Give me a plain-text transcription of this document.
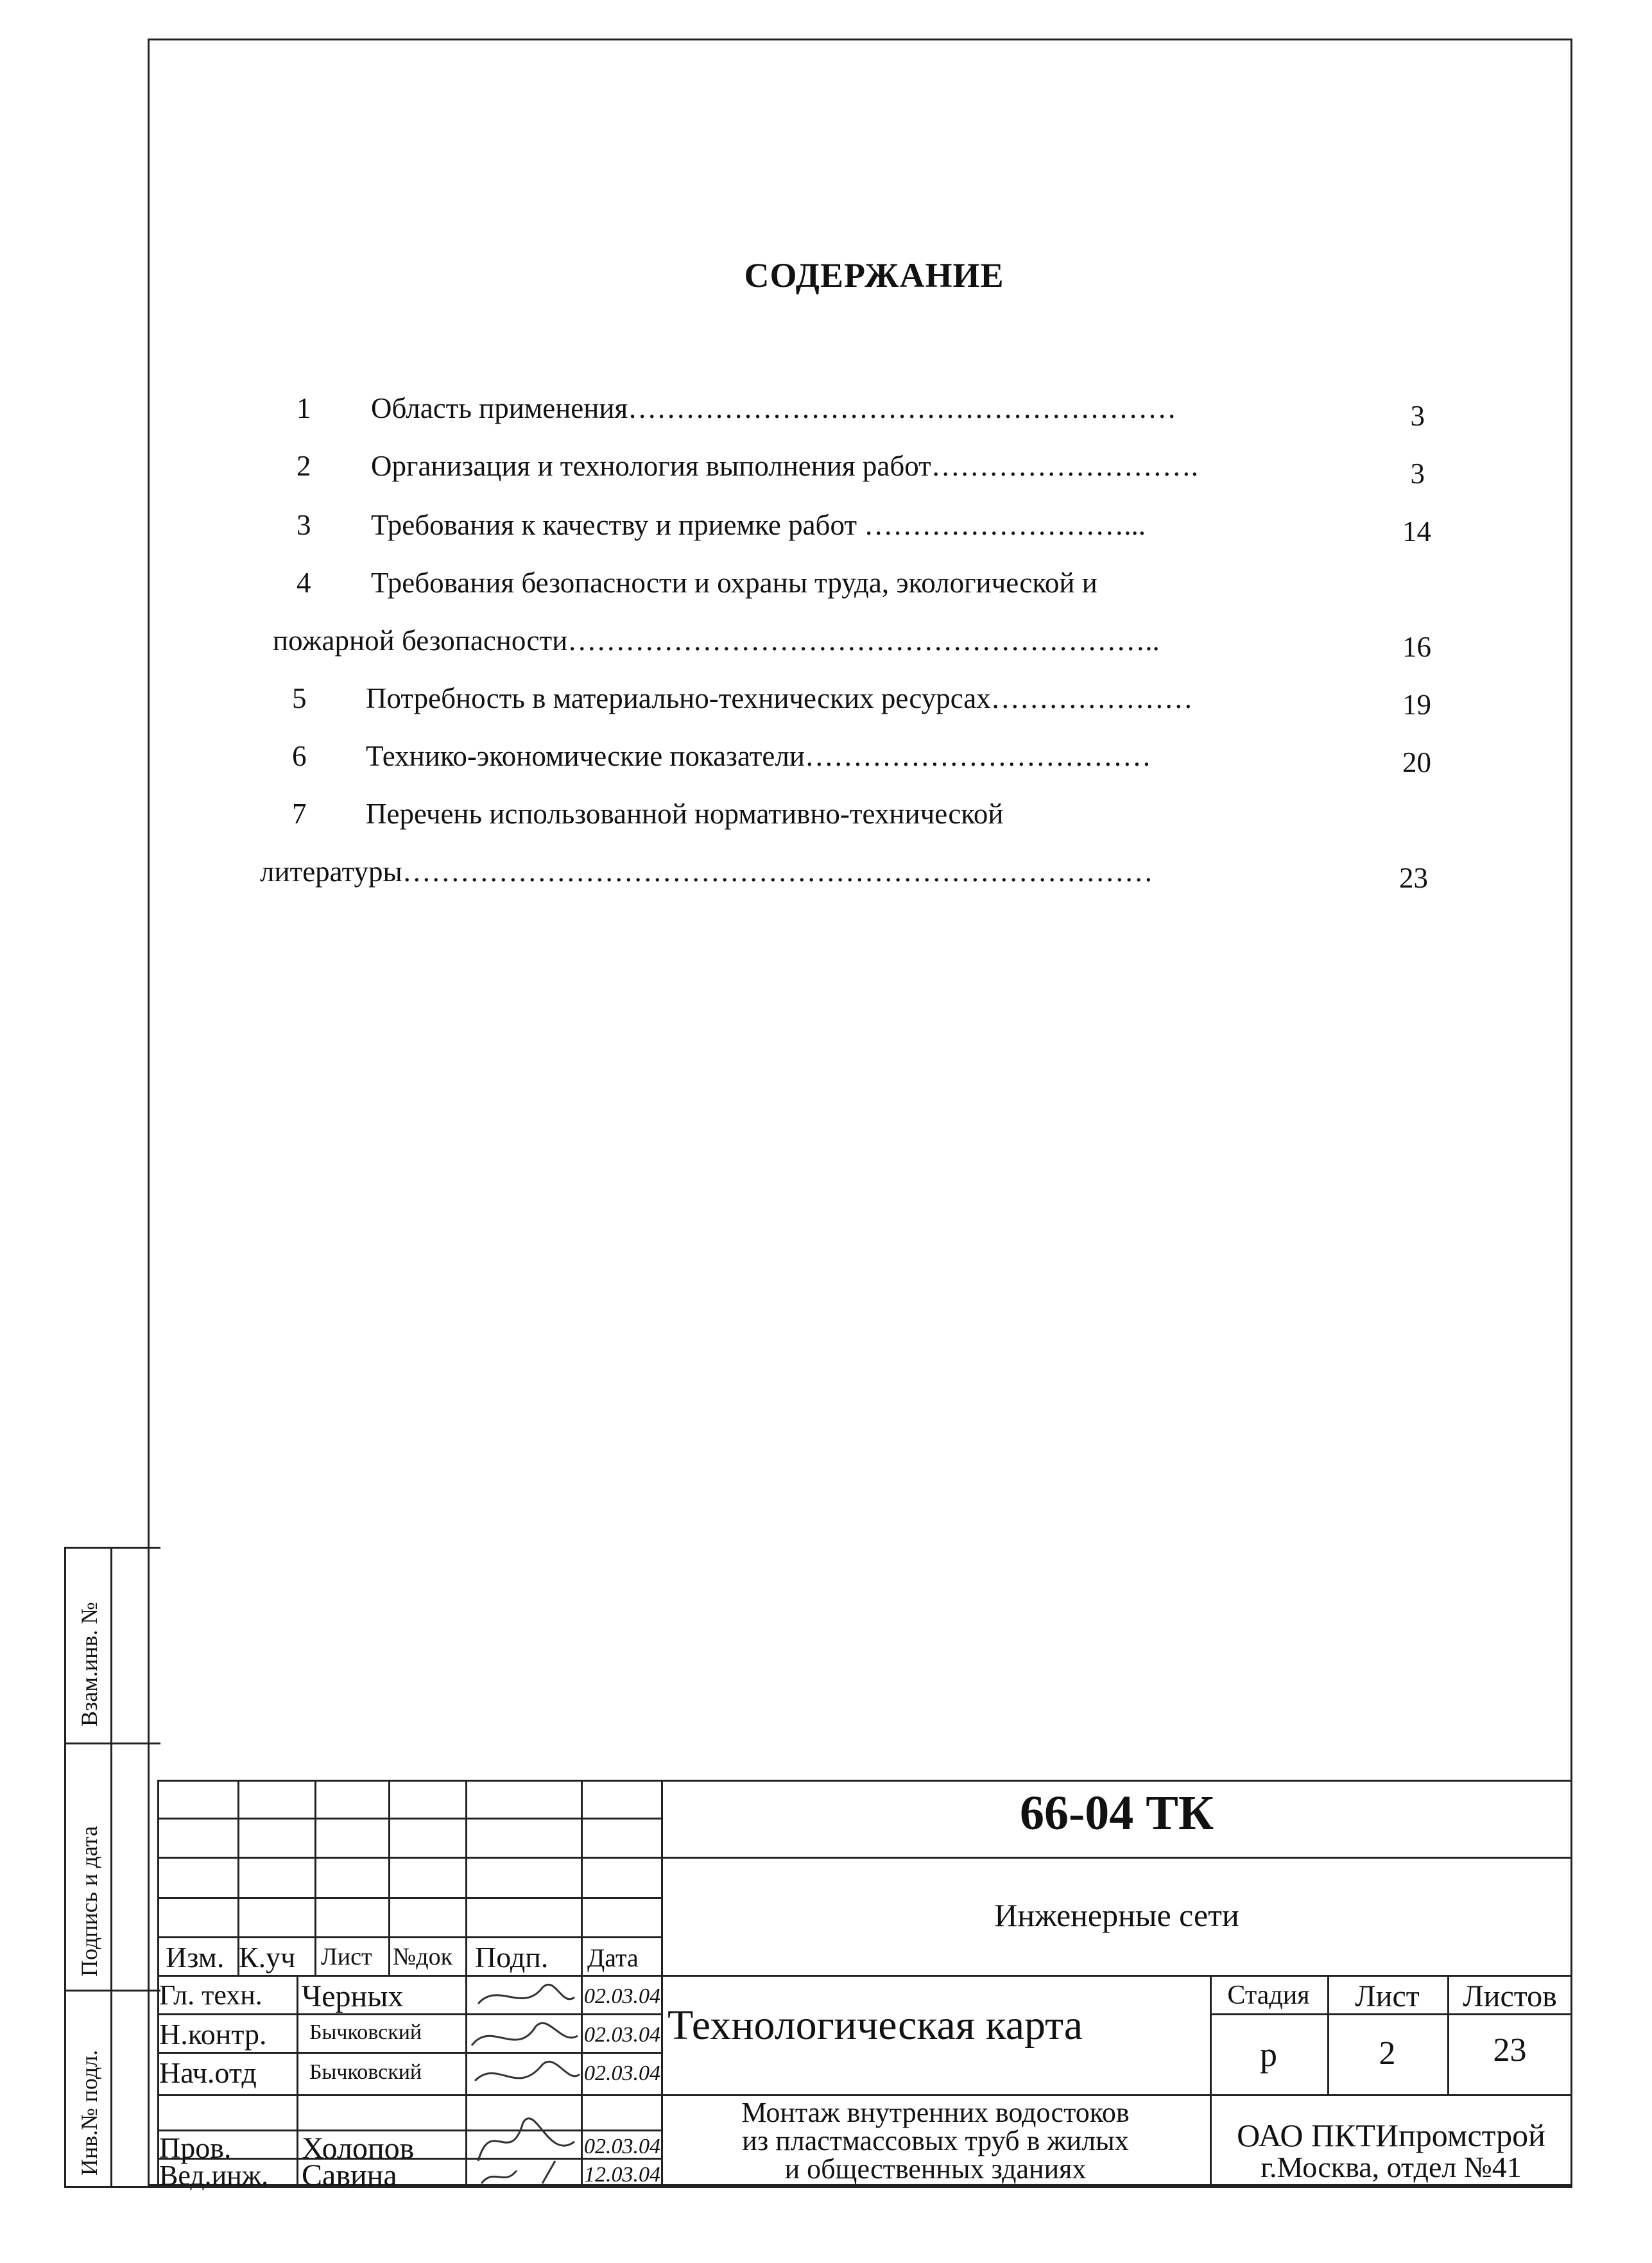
СОДЕРЖАНИЕ
1 Область применения…………………………………………………	3
2 Организация и технология выполнения работ……………………….	3
3 Требования к качеству и приемке работ ………………………...	14
4 Требования безопасности и охраны труда, экологической и
пожарной безопасности……………………………………………………..	16
5 Потребность в материально-технических ресурсах…………………	19
6 Технико-экономические показатели………………………………	20
7 Перечень использованной нормативно-технической
литературы……………………………………………………………………	23
Взам.инв. №
Подпись и дата
Инв.№ подл.
66-04 ТК
Инженерные сети
Изм. К.уч Лист №док Подп. Дата
Гл. техн. Черных	02.03.04
Н.контр. Бычковский	02.03.04
Нач.отд Бычковский	02.03.04
Пров. Холопов	02.03.04
Вед.инж. Савина	12.03.04
Технологическая карта
Монтаж внутренних водостоков
из пластмассовых труб в жилых
и общественных зданиях
Стадия	Лист	Листов
р	2	23
ОАО ПКТИпромстрой
г.Москва, отдел №41
